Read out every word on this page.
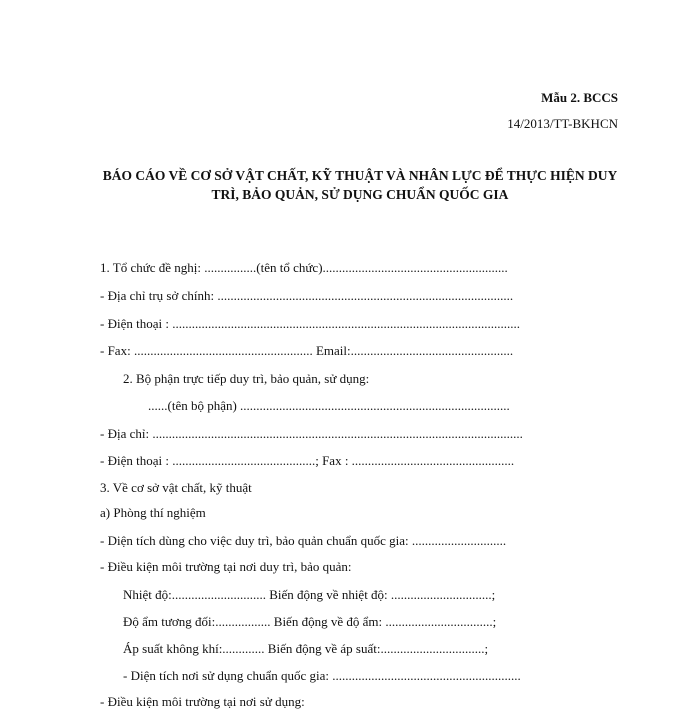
Mẫu 2. BCCS
14/2013/TT-BKHCN
BÁO CÁO VỀ CƠ SỞ VẬT CHẤT, KỸ THUẬT VÀ NHÂN LỰC ĐỂ THỰC HIỆN DUY
TRÌ, BẢO QUẢN, SỬ DỤNG CHUẨN QUỐC GIA
1. Tổ chức đề nghị: ................(tên tổ chức).........................................................
- Địa chỉ trụ sở chính: ...........................................................................................
- Điện thoại : ...........................................................................................................
- Fax: ....................................................... Email:..................................................
2. Bộ phận trực tiếp duy trì, bảo quản, sử dụng:
......(tên bộ phận) ...................................................................................
- Địa chỉ: ..................................................................................................................
- Điện thoại : ............................................; Fax : ..................................................
3. Về cơ sở vật chất, kỹ thuật
a) Phòng thí nghiệm
- Diện tích dùng cho việc duy trì, bảo quản chuẩn quốc gia: .............................
- Điều kiện môi trường tại nơi duy trì, bảo quản:
Nhiệt độ:............................. Biến động về nhiệt độ: ...............................;
Độ ẩm tương đối:................. Biến động về độ ẩm: .................................;
Áp suất không khí:............. Biến động về áp suất:................................;
- Diện tích nơi sử dụng chuẩn quốc gia: ..........................................................
- Điều kiện môi trường tại nơi sử dụng:
